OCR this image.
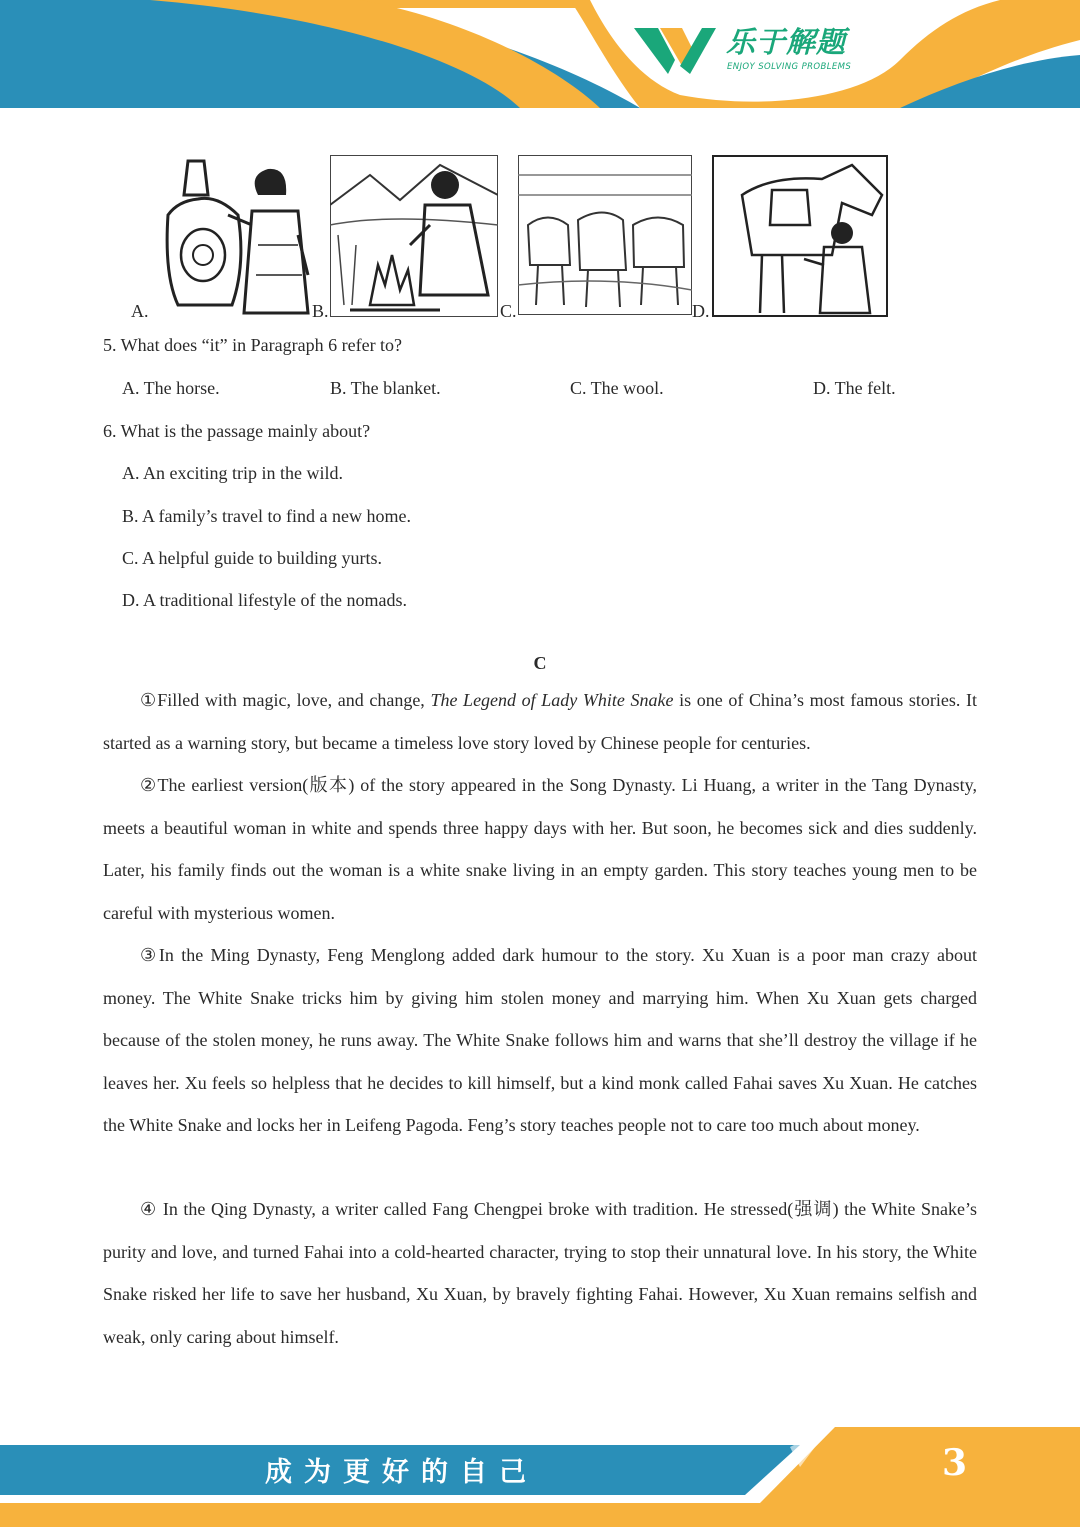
乐于解题
ENJOY SOLVING PROBLEMS
A.	B.	C.	D.
5. What does “it” in Paragraph 6 refer to?
A. The horse.	B. The blanket.	C. The wool.	D. The felt.
6. What is the passage mainly about?
A. An exciting trip in the wild.
B. A family’s travel to find a new home.
C. A helpful guide to building yurts.
D. A traditional lifestyle of the nomads.
C
①Filled with magic, love, and change, The Legend of Lady White Snake is one of China’s most famous stories. It started as a warning story, but became a timeless love story loved by Chinese people for centuries.
②The earliest version(版本) of the story appeared in the Song Dynasty. Li Huang, a writer in the Tang Dynasty, meets a beautiful woman in white and spends three happy days with her. But soon, he becomes sick and dies suddenly. Later, his family finds out the woman is a white snake living in an empty garden. This story teaches young men to be careful with mysterious women.
③In the Ming Dynasty, Feng Menglong added dark humour to the story. Xu Xuan is a poor man crazy about money. The White Snake tricks him by giving him stolen money and marrying him. When Xu Xuan gets charged because of the stolen money, he runs away. The White Snake follows him and warns that she’ll destroy the village if he leaves her. Xu feels so helpless that he decides to kill himself, but a kind monk called Fahai saves Xu Xuan. He catches the White Snake and locks her in Leifeng Pagoda. Feng’s story teaches people not to care too much about money.
④ In the Qing Dynasty, a writer called Fang Chengpei broke with tradition. He stressed(强调) the White Snake’s purity and love, and turned Fahai into a cold-hearted character, trying to stop their unnatural love. In his story, the White Snake risked her life to save her husband, Xu Xuan, by bravely fighting Fahai. However, Xu Xuan remains selfish and weak, only caring about himself.
成为更好的自己	3
